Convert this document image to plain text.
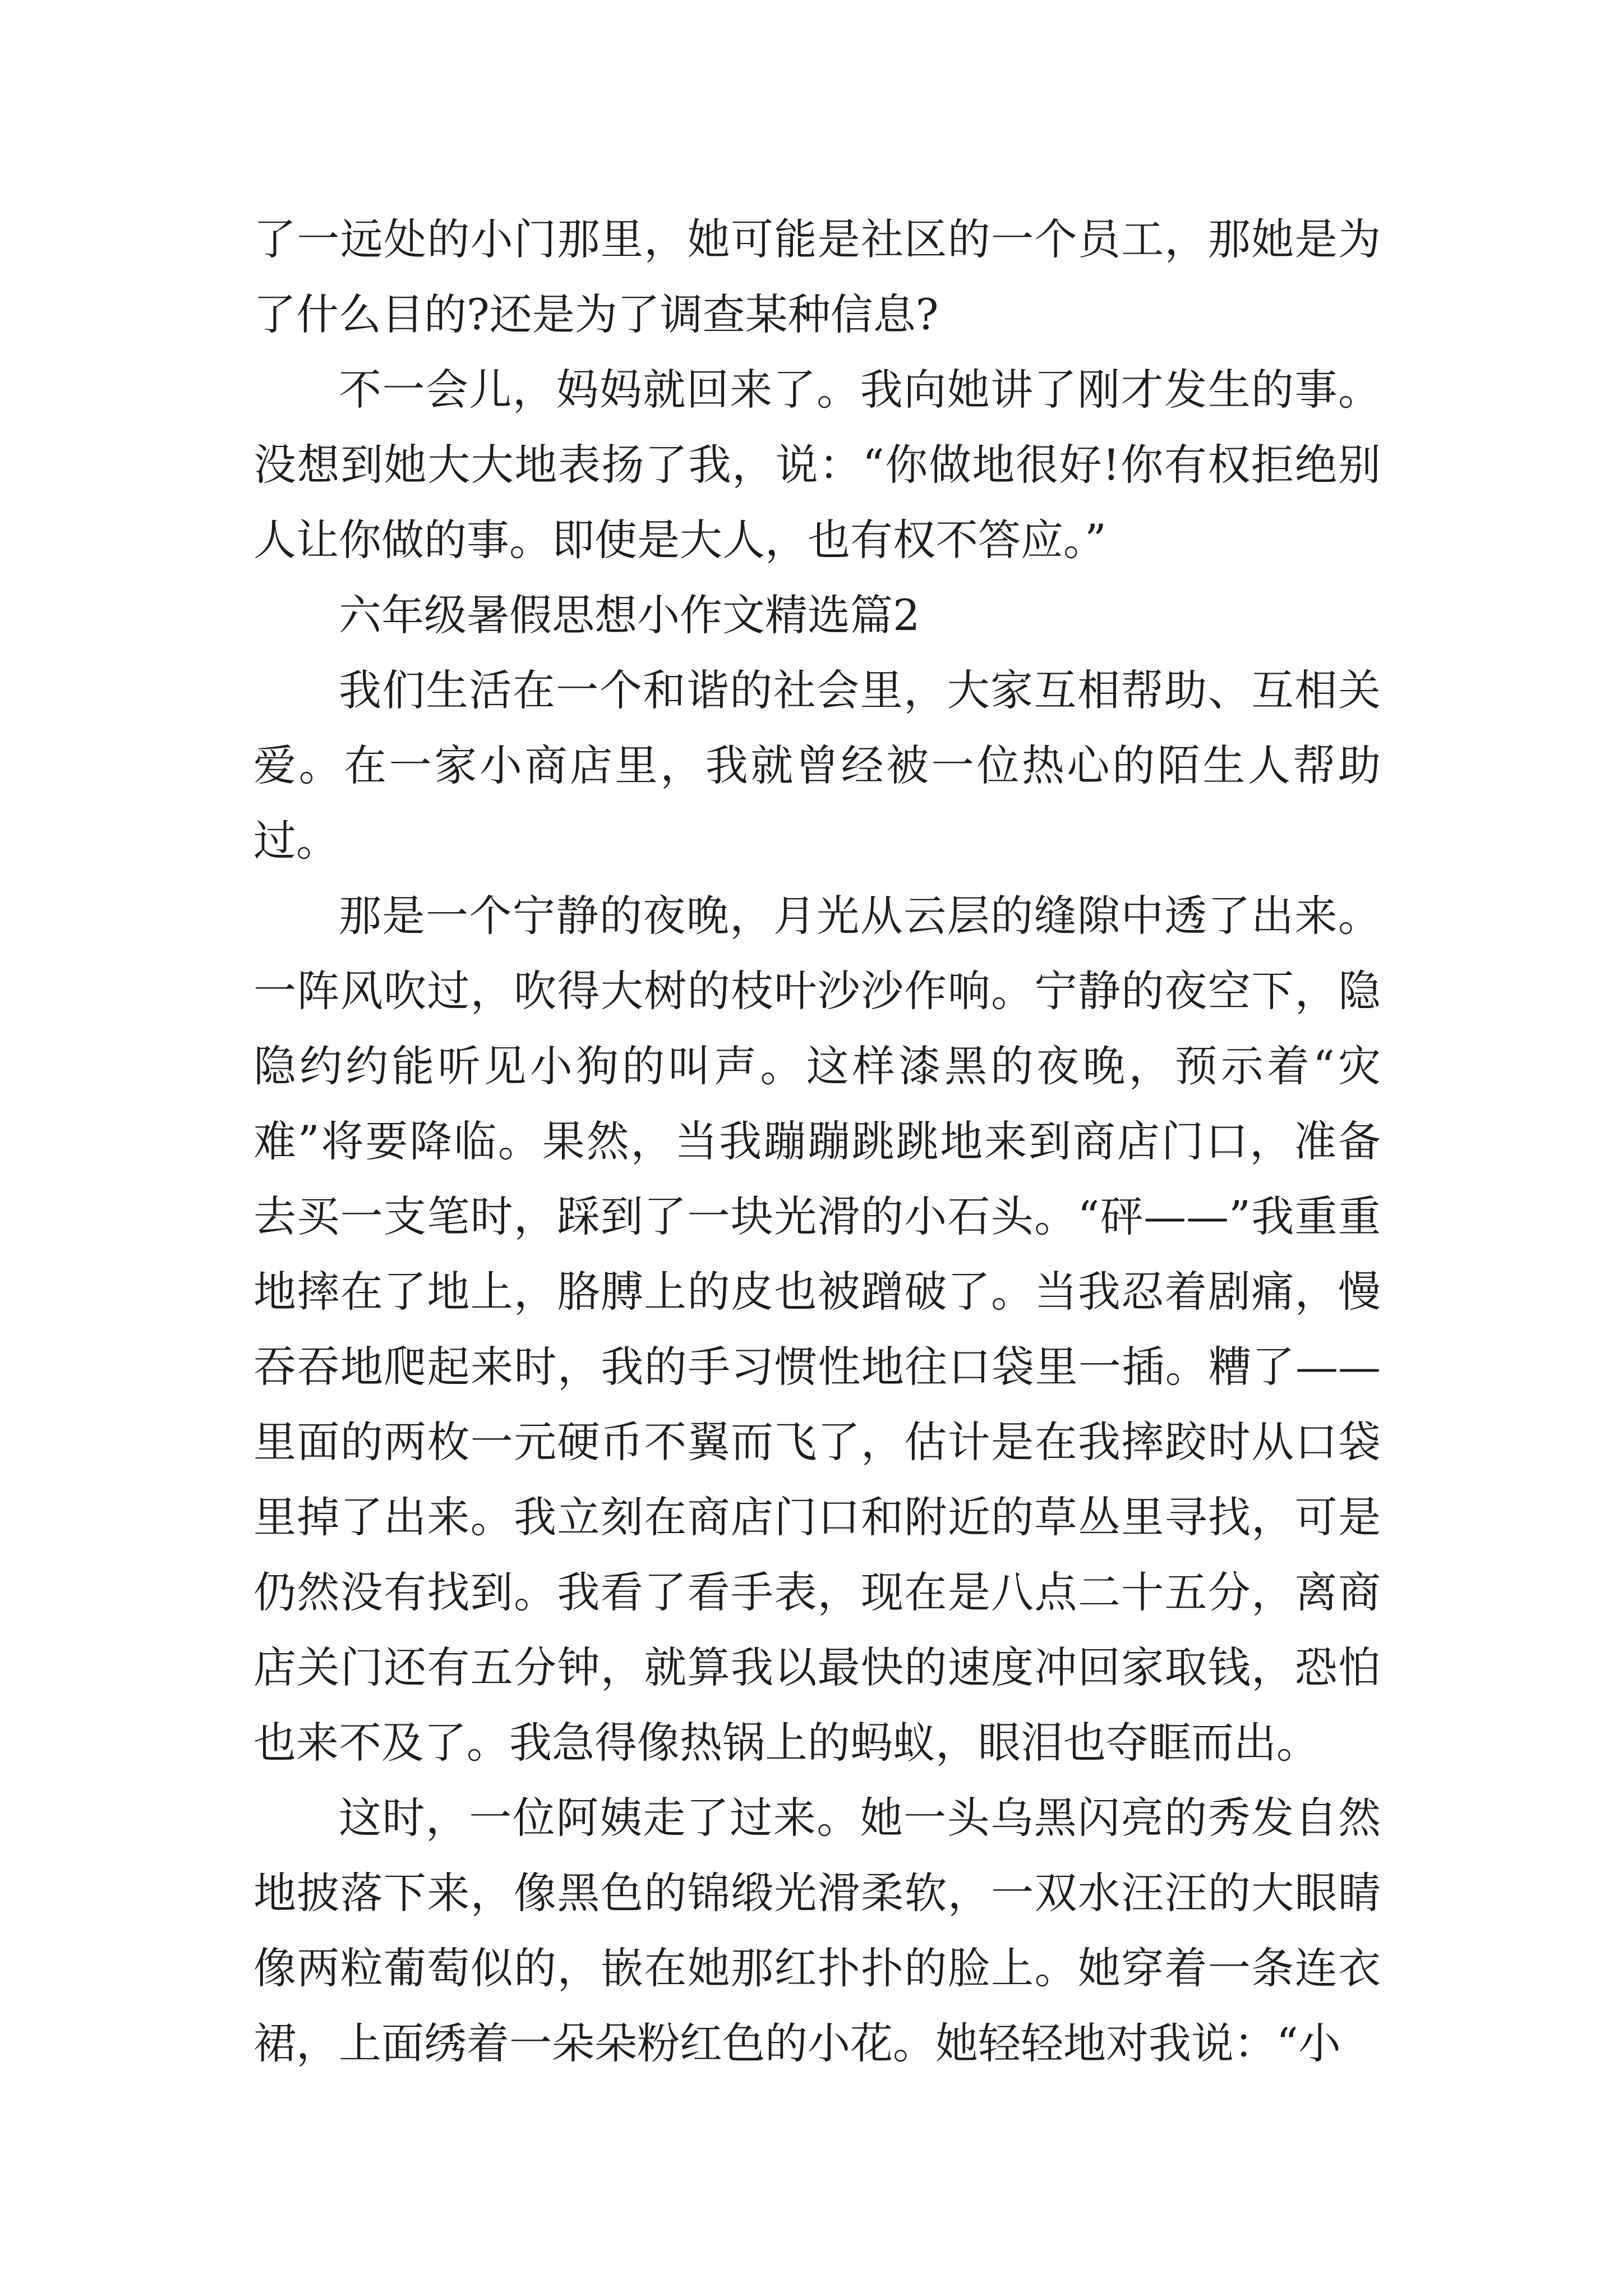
了一远处的小门那里，她可能是社区的一个员工，那她是为了什么目的?还是为了调查某种信息?

不一会儿，妈妈就回来了。我向她讲了刚才发生的事。没想到她大大地表扬了我，说：“你做地很好!你有权拒绝别人让你做的事。即使是大人，也有权不答应。”

六年级暑假思想小作文精选篇2

我们生活在一个和谐的社会里，大家互相帮助、互相关爱。在一家小商店里，我就曾经被一位热心的陌生人帮助过。

那是一个宁静的夜晚，月光从云层的缝隙中透了出来。一阵风吹过，吹得大树的枝叶沙沙作响。宁静的夜空下，隐隐约约能听见小狗的叫声。这样漆黑的夜晚，预示着“灾难”将要降临。果然，当我蹦蹦跳跳地来到商店门口，准备去买一支笔时，踩到了一块光滑的小石头。“砰——”我重重地摔在了地上，胳膊上的皮也被蹭破了。当我忍着剧痛，慢吞吞地爬起来时，我的手习惯性地往口袋里一插。糟了——里面的两枚一元硬币不翼而飞了，估计是在我摔跤时从口袋里掉了出来。我立刻在商店门口和附近的草丛里寻找，可是仍然没有找到。我看了看手表，现在是八点二十五分，离商店关门还有五分钟，就算我以最快的速度冲回家取钱，恐怕也来不及了。我急得像热锅上的蚂蚁，眼泪也夺眶而出。

这时，一位阿姨走了过来。她一头乌黑闪亮的秀发自然地披落下来，像黑色的锦缎光滑柔软，一双水汪汪的大眼睛像两粒葡萄似的，嵌在她那红扑扑的脸上。她穿着一条连衣裙，上面绣着一朵朵粉红色的小花。她轻轻地对我说：“小
